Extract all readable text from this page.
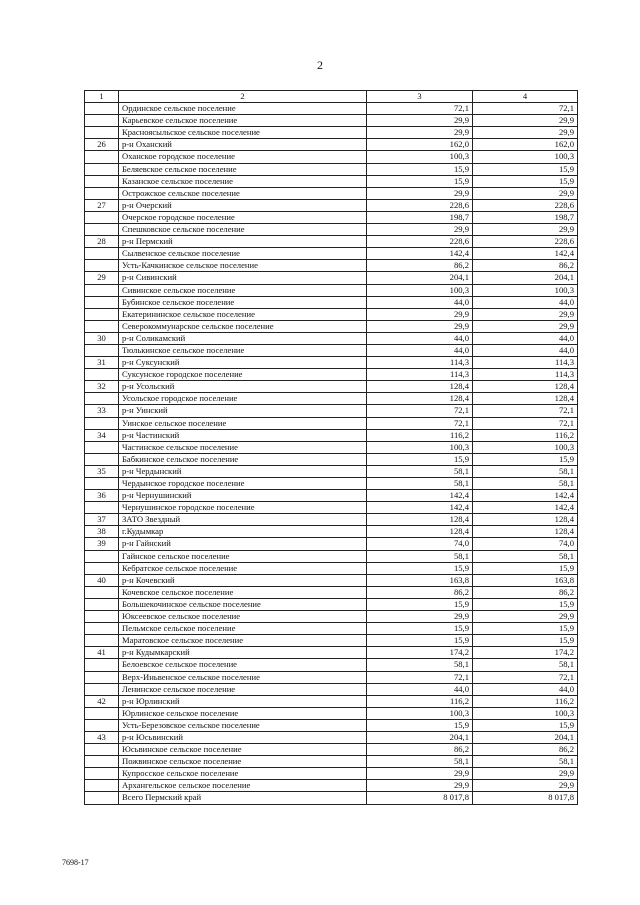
2
1	2	3	4
	Ординское сельское поселение	72,1	72,1
	Карьевское сельское поселение	29,9	29,9
	Красноясыльское сельское поселение	29,9	29,9
26	р-н Оханский	162,0	162,0
	Оханское городское поселение	100,3	100,3
	Беляевское сельское поселение	15,9	15,9
	Казанское сельское поселение	15,9	15,9
	Острожское сельское поселение	29,9	29,9
27	р-н Очерский	228,6	228,6
	Очерское городское поселение	198,7	198,7
	Спешковское сельское поселение	29,9	29,9
28	р-н Пермский	228,6	228,6
	Сылвенское сельское поселение	142,4	142,4
	Усть-Качкинское сельское поселение	86,2	86,2
29	р-н Сивинский	204,1	204,1
	Сивинское сельское поселение	100,3	100,3
	Бубинское сельское поселение	44,0	44,0
	Екатерининское сельское поселение	29,9	29,9
	Северокоммунарское сельское поселение	29,9	29,9
30	р-н Соликамский	44,0	44,0
	Тюлькинское сельское поселение	44,0	44,0
31	р-н Суксунский	114,3	114,3
	Суксунское городское поселение	114,3	114,3
32	р-н Усольский	128,4	128,4
	Усольское городское поселение	128,4	128,4
33	р-н Уинский	72,1	72,1
	Уинское сельское поселение	72,1	72,1
34	р-н Частинский	116,2	116,2
	Частинское сельское поселение	100,3	100,3
	Бабкинское сельское поселение	15,9	15,9
35	р-н Чердынский	58,1	58,1
	Чердынское городское поселение	58,1	58,1
36	р-н Чернушинский	142,4	142,4
	Чернушинское городское поселение	142,4	142,4
37	ЗАТО Звездный	128,4	128,4
38	г.Кудымкар	128,4	128,4
39	р-н Гайнский	74,0	74,0
	Гайнское сельское поселение	58,1	58,1
	Кебратское сельское поселение	15,9	15,9
40	р-н Кочевский	163,8	163,8
	Кочевское сельское поселение	86,2	86,2
	Большекочинское сельское поселение	15,9	15,9
	Юксеевское сельское поселение	29,9	29,9
	Пельмское сельское поселение	15,9	15,9
	Маратовское сельское поселение	15,9	15,9
41	р-н Кудымкарский	174,2	174,2
	Белоевское сельское поселение	58,1	58,1
	Верх-Иньвенское сельское поселение	72,1	72,1
	Ленинское сельское поселение	44,0	44,0
42	р-н Юрлинский	116,2	116,2
	Юрлинское сельское поселение	100,3	100,3
	Усть-Березовское сельское поселение	15,9	15,9
43	р-н Юсьвинский	204,1	204,1
	Юсьвинское сельское поселение	86,2	86,2
	Пожвинское сельское поселение	58,1	58,1
	Купросское сельское поселение	29,9	29,9
	Архангельское сельское поселение	29,9	29,9
	Всего Пермский край	8 017,8	8 017,8
7698-17
